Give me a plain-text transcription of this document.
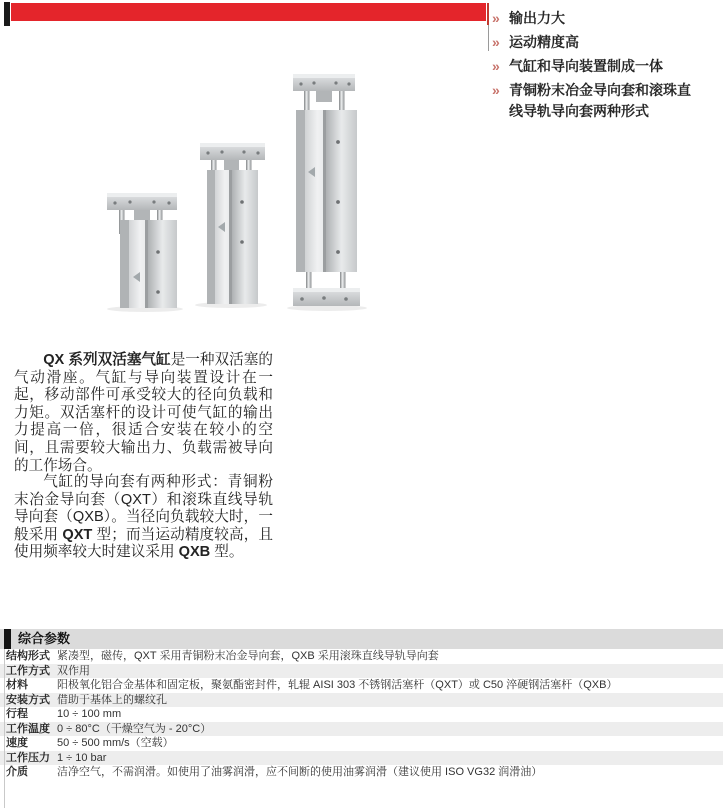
» 输出力大
» 运动精度高
» 气缸和导向装置制成一体
» 青铜粉末冶金导向套和滚珠直线导轨导向套两种形式

QX 系列双活塞气缸是一种双活塞的气动滑座。气缸与导向装置设计在一起，移动部件可承受较大的径向负载和力矩。双活塞杆的设计可使气缸的输出力提高一倍，很适合安装在较小的空间，且需要较大输出力、负载需被导向的工作场合。

气缸的导向套有两种形式：青铜粉末冶金导向套（QXT）和滚珠直线导轨导向套（QXB）。当径向负载较大时，一般采用 QXT 型；而当运动精度较高，且使用频率较大时建议采用 QXB 型。

综合参数
结构形式 紧凑型，磁传，QXT 采用青铜粉末冶金导向套，QXB 采用滚珠直线导轨导向套
工作方式 双作用
材料	阳极氧化铝合金基体和固定板，聚氨酯密封件，轧辊 AISI 303 不锈钢活塞杆（QXT）或 C50 淬硬钢活塞杆（QXB）
安装方式 借助于基体上的螺纹孔
行程	10 ÷ 100 mm
工作温度 0 ÷ 80°C（干燥空气为 - 20°C）
速度	50 ÷ 500 mm/s（空载）
工作压力 1 ÷ 10 bar
介质	洁净空气，不需润滑。如使用了油雾润滑，应不间断的使用油雾润滑（建议使用 ISO VG32 润滑油）
